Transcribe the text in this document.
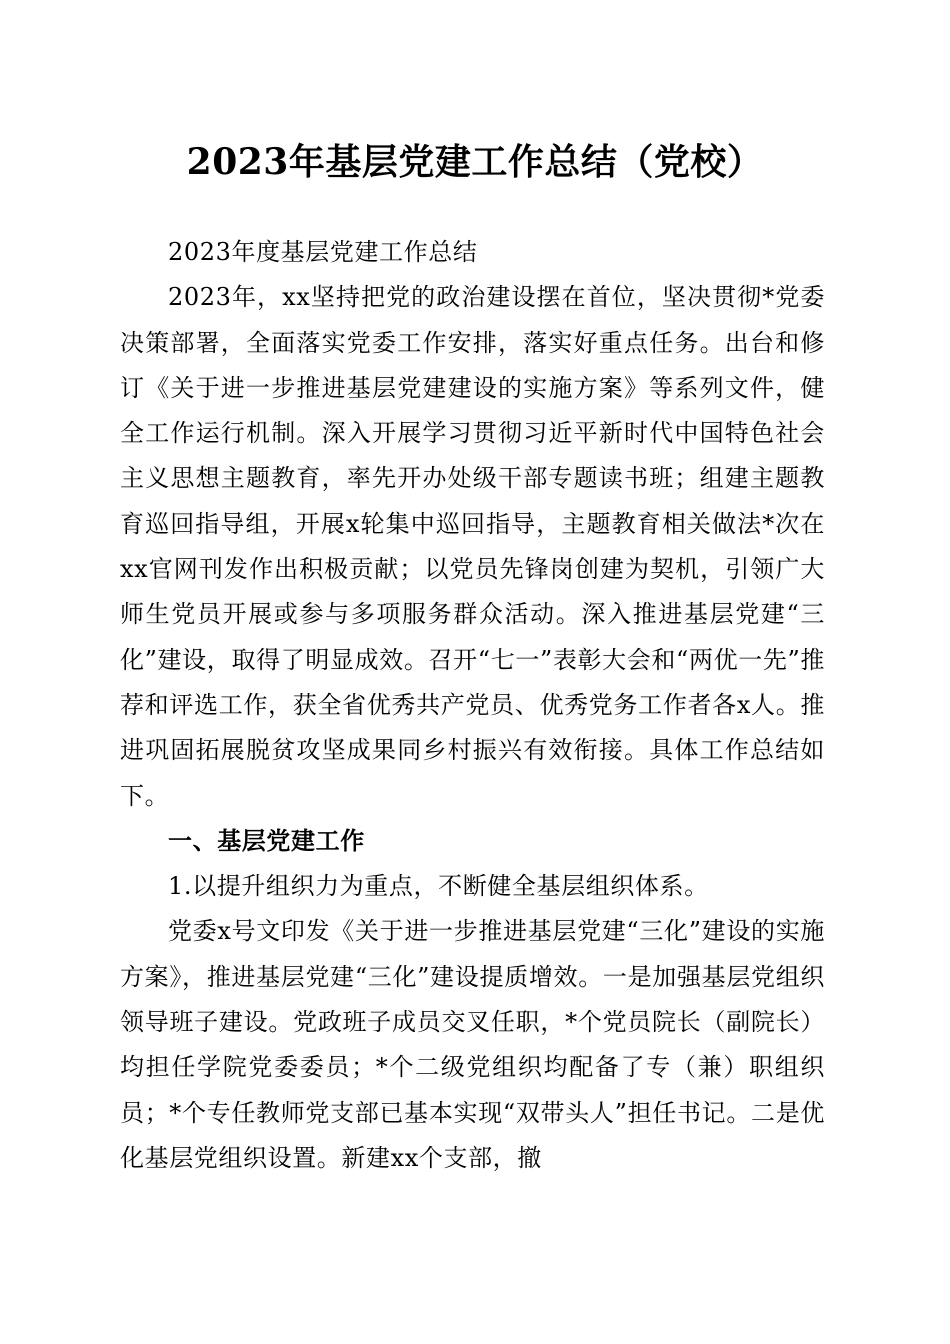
2023年基层党建工作总结（党校）

2023年度基层党建工作总结

2023年，xx坚持把党的政治建设摆在首位，坚决贯彻*党委决策部署，全面落实党委工作安排，落实好重点任务。出台和修订《关于进一步推进基层党建建设的实施方案》等系列文件，健全工作运行机制。深入开展学习贯彻习近平新时代中国特色社会主义思想主题教育，率先开办处级干部专题读书班；组建主题教育巡回指导组，开展x轮集中巡回指导，主题教育相关做法*次在xx官网刊发作出积极贡献；以党员先锋岗创建为契机，引领广大师生党员开展或参与多项服务群众活动。深入推进基层党建“三化”建设，取得了明显成效。召开“七一”表彰大会和“两优一先”推荐和评选工作，获全省优秀共产党员、优秀党务工作者各x人。推进巩固拓展脱贫攻坚成果同乡村振兴有效衔接。具体工作总结如下。

一、基层党建工作

1.以提升组织力为重点，不断健全基层组织体系。

党委x号文印发《关于进一步推进基层党建“三化”建设的实施方案》，推进基层党建“三化”建设提质增效。一是加强基层党组织领导班子建设。党政班子成员交叉任职，*个党员院长（副院长）均担任学院党委委员；*个二级党组织均配备了专（兼）职组织员；*个专任教师党支部已基本实现“双带头人”担任书记。二是优化基层党组织设置。新建xx个支部，撤
